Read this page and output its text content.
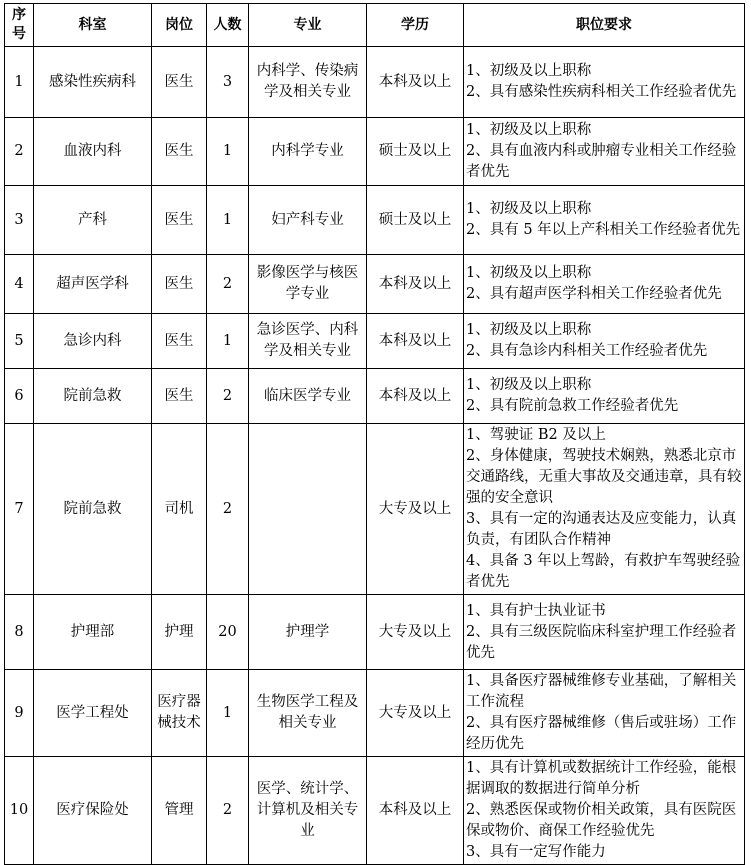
序号	科室	岗位	人数	专业	学历	职位要求
1	感染性疾病科	医生	3	内科学、传染病学及相关专业	本科及以上	1、初级及以上职称
2、具有感染性疾病科相关工作经验者优先
2	血液内科	医生	1	内科学专业	硕士及以上	1、初级及以上职称
2、具有血液内科或肿瘤专业相关工作经验者优先
3	产科	医生	1	妇产科专业	硕士及以上	1、初级及以上职称
2、具有 5 年以上产科相关工作经验者优先
4	超声医学科	医生	2	影像医学与核医学专业	本科及以上	1、初级及以上职称
2、具有超声医学科相关工作经验者优先
5	急诊内科	医生	1	急诊医学、内科学及相关专业	本科及以上	1、初级及以上职称
2、具有急诊内科相关工作经验者优先
6	院前急救	医生	2	临床医学专业	本科及以上	1、初级及以上职称
2、具有院前急救工作经验者优先
7	院前急救	司机	2		大专及以上	1、驾驶证 B2 及以上
2、身体健康，驾驶技术娴熟，熟悉北京市交通路线，无重大事故及交通违章，具有较强的安全意识
3、具有一定的沟通表达及应变能力，认真负责，有团队合作精神
4、具备 3 年以上驾龄，有救护车驾驶经验者优先
8	护理部	护理	20	护理学	大专及以上	1、具有护士执业证书
2、具有三级医院临床科室护理工作经验者优先
9	医学工程处	医疗器械技术	1	生物医学工程及相关专业	大专及以上	1、具备医疗器械维修专业基础，了解相关工作流程
2、具有医疗器械维修（售后或驻场）工作经历优先
10	医疗保险处	管理	2	医学、统计学、计算机及相关专业	本科及以上	1、具有计算机或数据统计工作经验，能根据调取的数据进行简单分析
2、熟悉医保或物价相关政策，具有医院医保或物价、商保工作经验优先
3、具有一定写作能力
